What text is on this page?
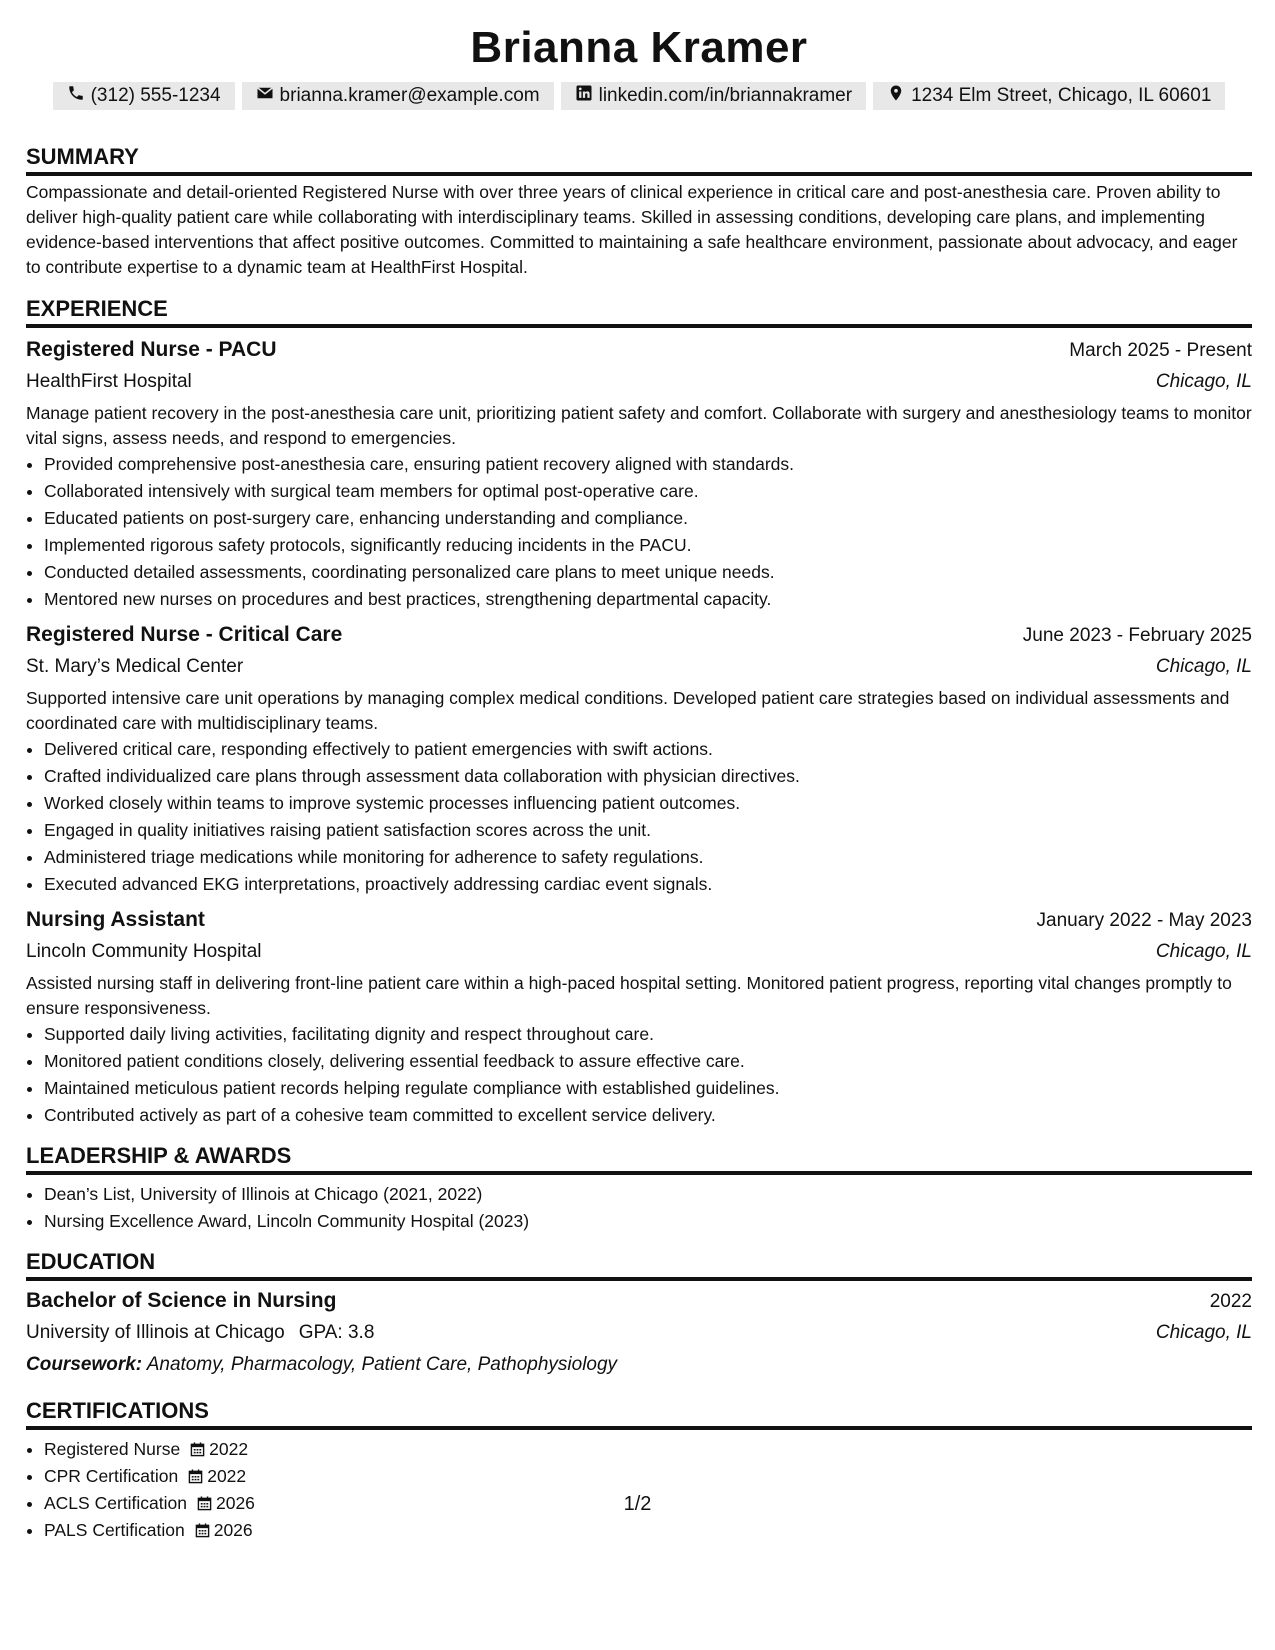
Brianna Kramer
(312) 555-1234	brianna.kramer@example.com	linkedin.com/in/briannakramer	1234 Elm Street, Chicago, IL 60601
SUMMARY

Compassionate and detail-oriented Registered Nurse with over three years of clinical experience in critical care and post-anesthesia care. Proven ability to deliver high-quality patient care while collaborating with interdisciplinary teams. Skilled in assessing conditions, developing care plans, and implementing evidence-based interventions that affect positive outcomes. Committed to maintaining a safe healthcare environment, passionate about advocacy, and eager to contribute expertise to a dynamic team at HealthFirst Hospital.

EXPERIENCE
Registered Nurse - PACU	March 2025 - Present
HealthFirst Hospital	Chicago, IL

Manage patient recovery in the post-anesthesia care unit, prioritizing patient safety and comfort. Collaborate with surgery and anesthesiology teams to monitor vital signs, assess needs, and respond to emergencies.

• Provided comprehensive post-anesthesia care, ensuring patient recovery aligned with standards.
• Collaborated intensively with surgical team members for optimal post-operative care.
• Educated patients on post-surgery care, enhancing understanding and compliance.
• Implemented rigorous safety protocols, significantly reducing incidents in the PACU.
• Conducted detailed assessments, coordinating personalized care plans to meet unique needs.
• Mentored new nurses on procedures and best practices, strengthening departmental capacity.
Registered Nurse - Critical Care	June 2023 - February 2025
St. Mary’s Medical Center	Chicago, IL

Supported intensive care unit operations by managing complex medical conditions. Developed patient care strategies based on individual assessments and coordinated care with multidisciplinary teams.

• Delivered critical care, responding effectively to patient emergencies with swift actions.
• Crafted individualized care plans through assessment data collaboration with physician directives.
• Worked closely within teams to improve systemic processes influencing patient outcomes.
• Engaged in quality initiatives raising patient satisfaction scores across the unit.
• Administered triage medications while monitoring for adherence to safety regulations.
• Executed advanced EKG interpretations, proactively addressing cardiac event signals.
Nursing Assistant	January 2022 - May 2023
Lincoln Community Hospital	Chicago, IL

Assisted nursing staff in delivering front-line patient care within a high-paced hospital setting. Monitored patient progress, reporting vital changes promptly to ensure responsiveness.

• Supported daily living activities, facilitating dignity and respect throughout care.
• Monitored patient conditions closely, delivering essential feedback to assure effective care.
• Maintained meticulous patient records helping regulate compliance with established guidelines.
• Contributed actively as part of a cohesive team committed to excellent service delivery.
LEADERSHIP & AWARDS
• Dean’s List, University of Illinois at Chicago (2021, 2022)
• Nursing Excellence Award, Lincoln Community Hospital (2023)
EDUCATION
Bachelor of Science in Nursing	2022
University of Illinois at Chicago GPA: 3.8	Chicago, IL
Coursework: Anatomy, Pharmacology, Patient Care, Pathophysiology
CERTIFICATIONS
• Registered Nurse 2022
• CPR Certification 2022
• ACLS Certification 2026
• PALS Certification 2026
1/2
